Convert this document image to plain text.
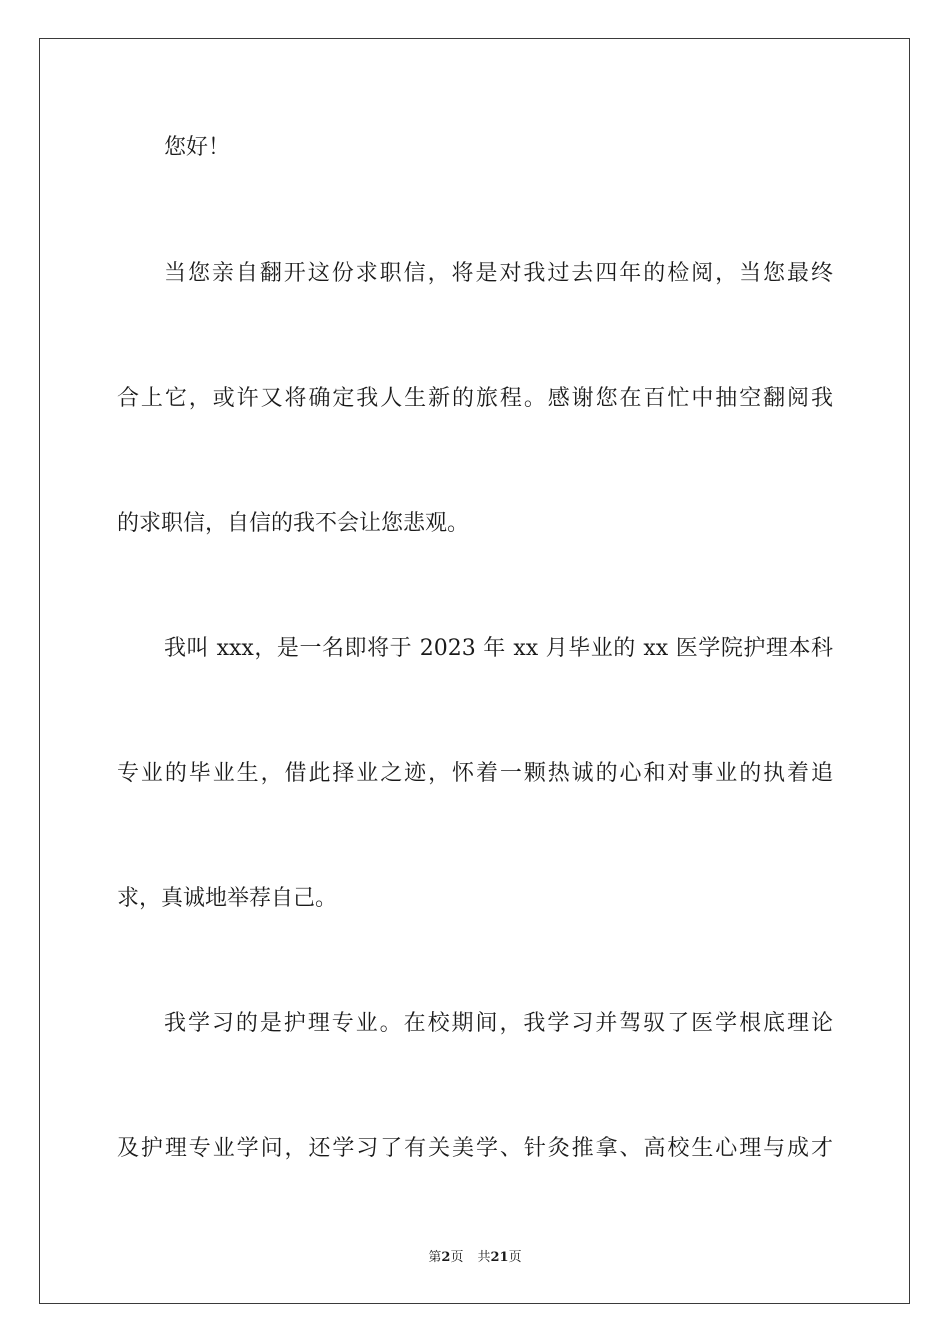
您好！
当您亲自翻开这份求职信，将是对我过去四年的检阅，当您最终
合上它，或许又将确定我人生新的旅程。感谢您在百忙中抽空翻阅我
的求职信，自信的我不会让您悲观。
我叫 xxx，是一名即将于 2023 年 xx 月毕业的 xx 医学院护理本科
专业的毕业生，借此择业之迹，怀着一颗热诚的心和对事业的执着追
求，真诚地举荐自己。
我学习的是护理专业。在校期间，我学习并驾驭了医学根底理论
及护理专业学问，还学习了有关美学、针灸推拿、高校生心理与成才
第2页 共21页
